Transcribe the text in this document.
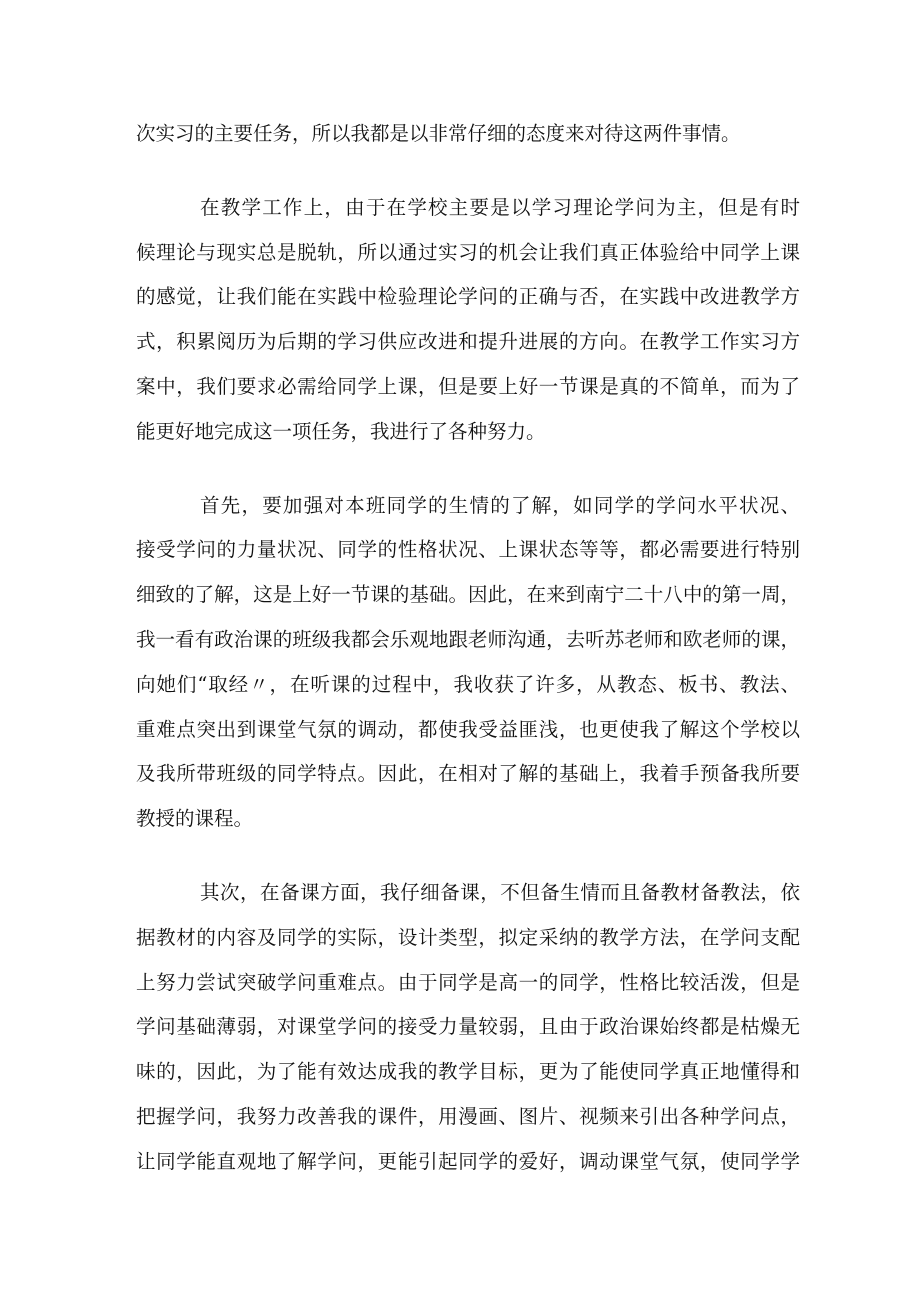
次实习的主要任务，所以我都是以非常仔细的态度来对待这两件事情。
在教学工作上，由于在学校主要是以学习理论学问为主，但是有时
候理论与现实总是脱轨，所以通过实习的机会让我们真正体验给中同学上课
的感觉，让我们能在实践中检验理论学问的正确与否，在实践中改进教学方
式，积累阅历为后期的学习供应改进和提升进展的方向。在教学工作实习方
案中，我们要求必需给同学上课，但是要上好一节课是真的不简单，而为了
能更好地完成这一项任务，我进行了各种努力。
首先，要加强对本班同学的生情的了解，如同学的学问水平状况、
接受学问的力量状况、同学的性格状况、上课状态等等，都必需要进行特别
细致的了解，这是上好一节课的基础。因此，在来到南宁二十八中的第一周，
我一看有政治课的班级我都会乐观地跟老师沟通，去听苏老师和欧老师的课，
向她们“取经〃，在听课的过程中，我收获了许多，从教态、板书、教法、
重难点突出到课堂气氛的调动，都使我受益匪浅，也更使我了解这个学校以
及我所带班级的同学特点。因此，在相对了解的基础上，我着手预备我所要
教授的课程。
其次，在备课方面，我仔细备课，不但备生情而且备教材备教法，依
据教材的内容及同学的实际，设计类型，拟定采纳的教学方法，在学问支配
上努力尝试突破学问重难点。由于同学是高一的同学，性格比较活泼，但是
学问基础薄弱，对课堂学问的接受力量较弱，且由于政治课始终都是枯燥无
味的，因此，为了能有效达成我的教学目标，更为了能使同学真正地懂得和
把握学问，我努力改善我的课件，用漫画、图片、视频来引出各种学问点，
让同学能直观地了解学问，更能引起同学的爱好，调动课堂气氛，使同学学
